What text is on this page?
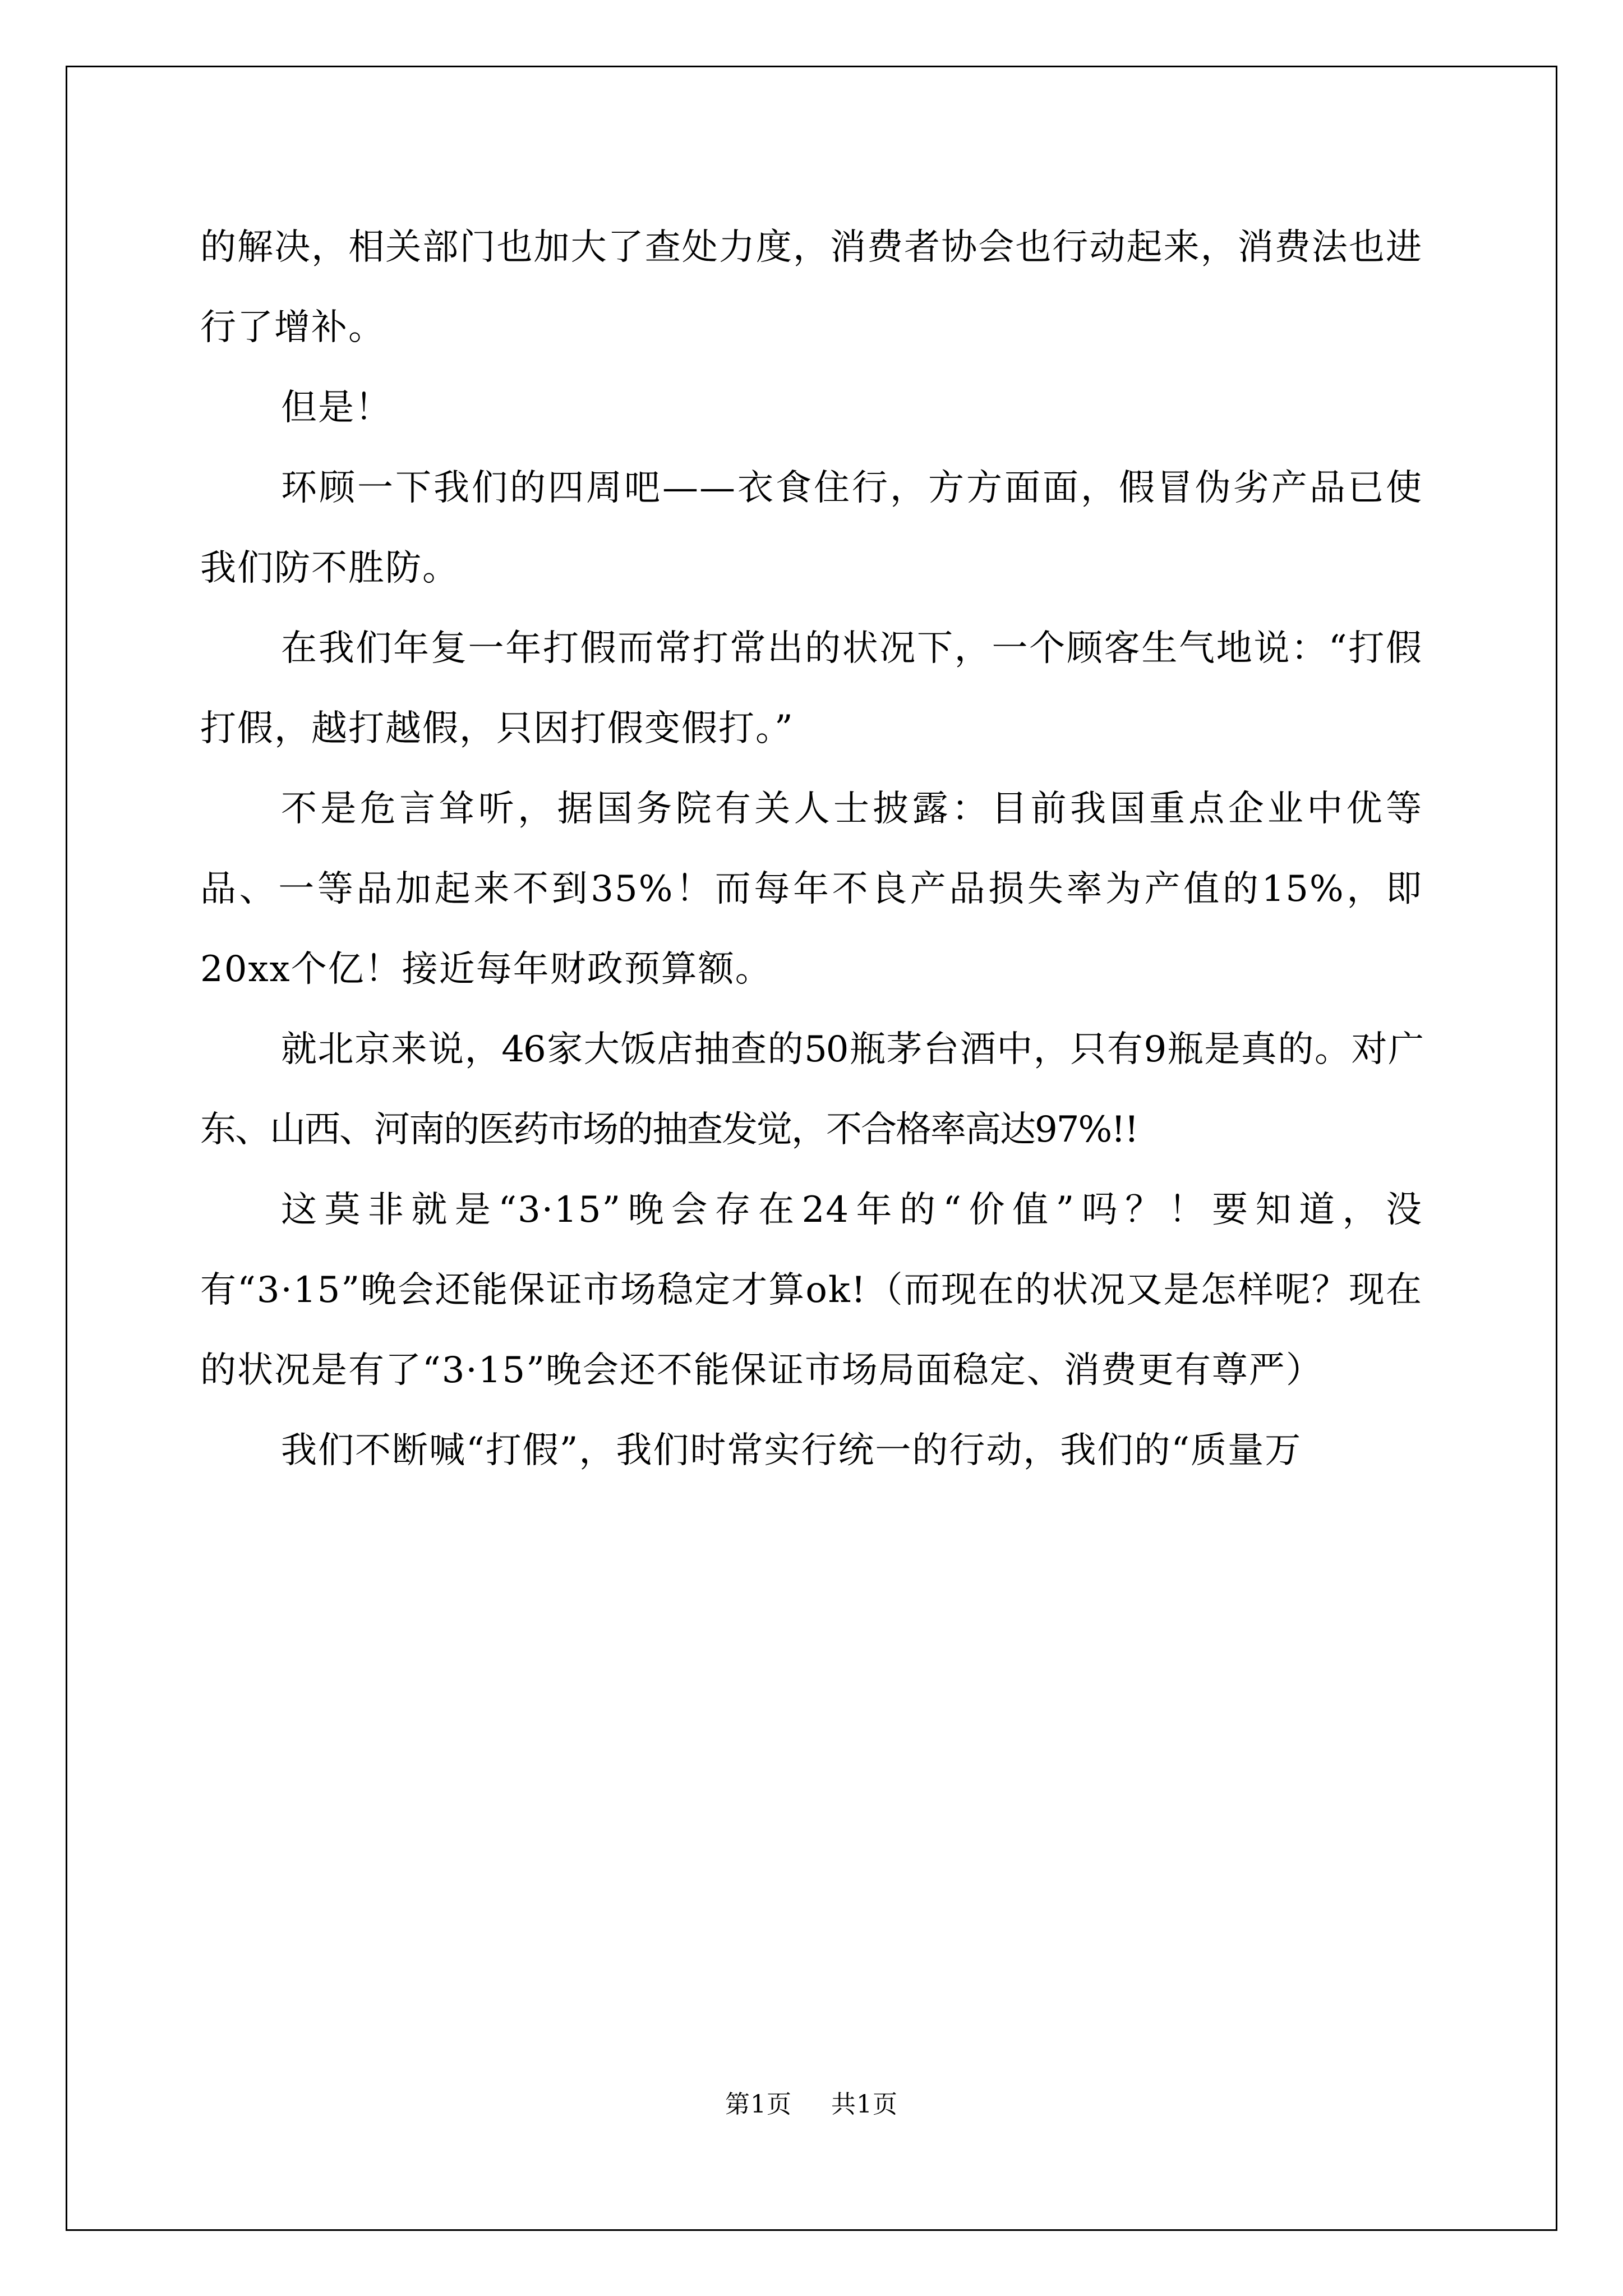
的解决，相关部门也加大了查处力度，消费者协会也行动起来，消费法也进行了增补。

但是！

环顾一下我们的四周吧——衣食住行，方方面面，假冒伪劣产品已使我们防不胜防。

在我们年复一年打假而常打常出的状况下，一个顾客生气地说：“打假打假，越打越假，只因打假变假打。”

不是危言耸听，据国务院有关人士披露：目前我国重点企业中优等品、一等品加起来不到35%！而每年不良产品损失率为产值的15%，即20xx个亿！接近每年财政预算额。

就北京来说，46家大饭店抽查的50瓶茅台酒中，只有9瓶是真的。对广东、山西、河南的医药市场的抽查发觉，不合格率高达97%!!

这莫非就是“3·15”晚会存在24年的“价值”吗？！要知道，没有“3·15”晚会还能保证市场稳定才算ok!（而现在的状况又是怎样呢？现在的状况是有了“3·15”晚会还不能保证市场局面稳定、消费更有尊严）

我们不断喊“打假”，我们时常实行统一的行动，我们的“质量万

第1页 共1页
